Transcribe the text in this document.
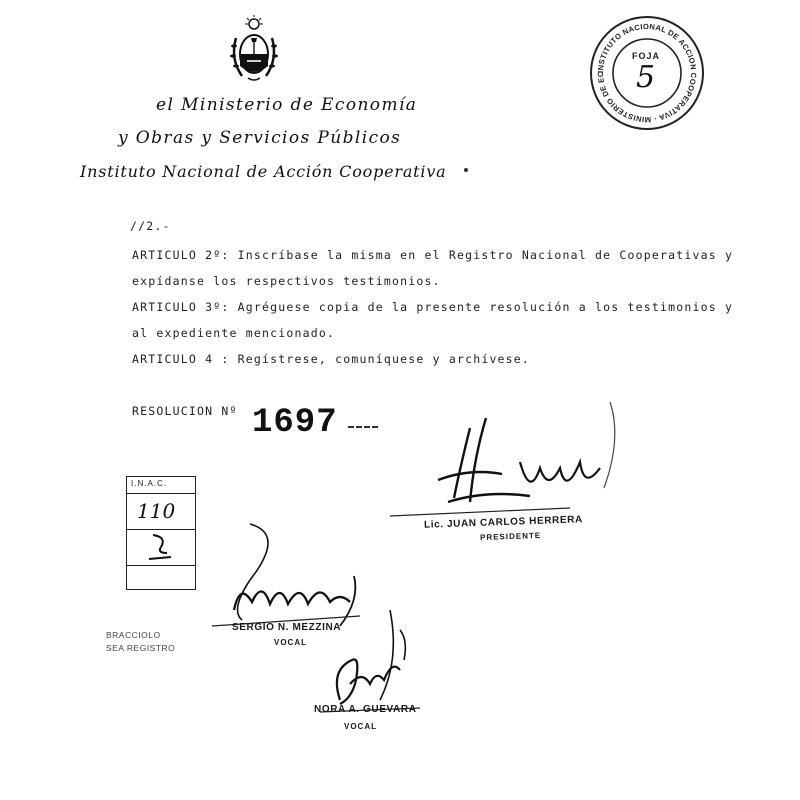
el Ministerio de Economía
y Obras y Servicios Públicos
Instituto Nacional de Acción Cooperativa
INSTITUTO NACIONAL DE ACCION COOPERATIVA · MINISTERIO DE ECONOMIA ·
FOJA
5
//2.-
ARTICULO 2º: Inscríbase la misma en el Registro Nacional de Cooperativas y
expídanse los respectivos testimonios.
ARTICULO 3º: Agréguese copia de la presente resolución a los testimonios y
al expediente mencionado.
ARTICULO 4 : Regístrese, comuníquese y archívese.
RESOLUCION Nº 1697
I.N.A.C.
110	Lic. JUAN CARLOS HERRERA
PRESIDENTE
SERGIO N. MEZZINA
VOCAL
BRACCIOLO
SEA REGISTRO
NORA A. GUEVARA
VOCAL
